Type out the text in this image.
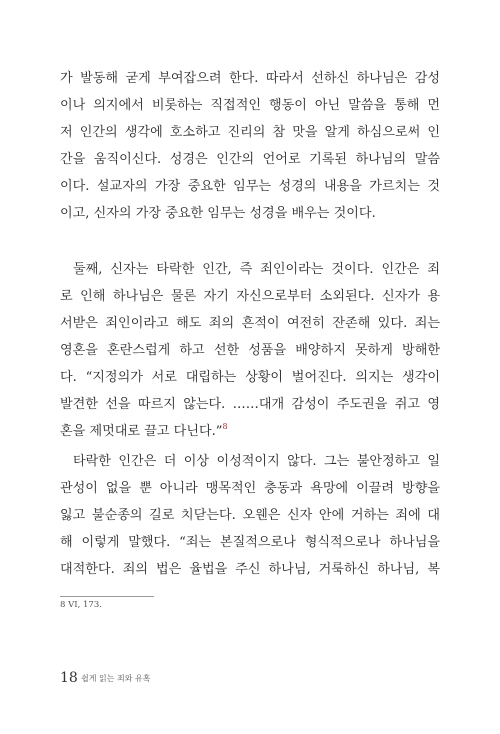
가 발동해 굳게 부여잡으려 한다. 따라서 선하신 하나님은 감성
이나 의지에서 비롯하는 직접적인 행동이 아닌 말씀을 통해 먼
저 인간의 생각에 호소하고 진리의 참 맛을 알게 하심으로써 인
간을 움직이신다. 성경은 인간의 언어로 기록된 하나님의 말씀
이다. 설교자의 가장 중요한 임무는 성경의 내용을 가르치는 것
이고, 신자의 가장 중요한 임무는 성경을 배우는 것이다.
둘째, 신자는 타락한 인간, 즉 죄인이라는 것이다. 인간은 죄
로 인해 하나님은 물론 자기 자신으로부터 소외된다. 신자가 용
서받은 죄인이라고 해도 죄의 흔적이 여전히 잔존해 있다. 죄는
영혼을 혼란스럽게 하고 선한 성품을 배양하지 못하게 방해한
다. “지정의가 서로 대립하는 상황이 벌어진다. 의지는 생각이
발견한 선을 따르지 않는다. ……대개 감성이 주도권을 쥐고 영
혼을 제멋대로 끌고 다닌다.”$^8$
타락한 인간은 더 이상 이성적이지 않다. 그는 불안정하고 일
관성이 없을 뿐 아니라 맹목적인 충동과 욕망에 이끌려 방향을
잃고 불순종의 길로 치닫는다. 오웬은 신자 안에 거하는 죄에 대
해 이렇게 말했다. “죄는 본질적으로나 형식적으로나 하나님을
대적한다. 죄의 법은 율법을 주신 하나님, 거룩하신 하나님, 복
8 VI, 173.
18 쉽게 읽는 죄와 유혹
